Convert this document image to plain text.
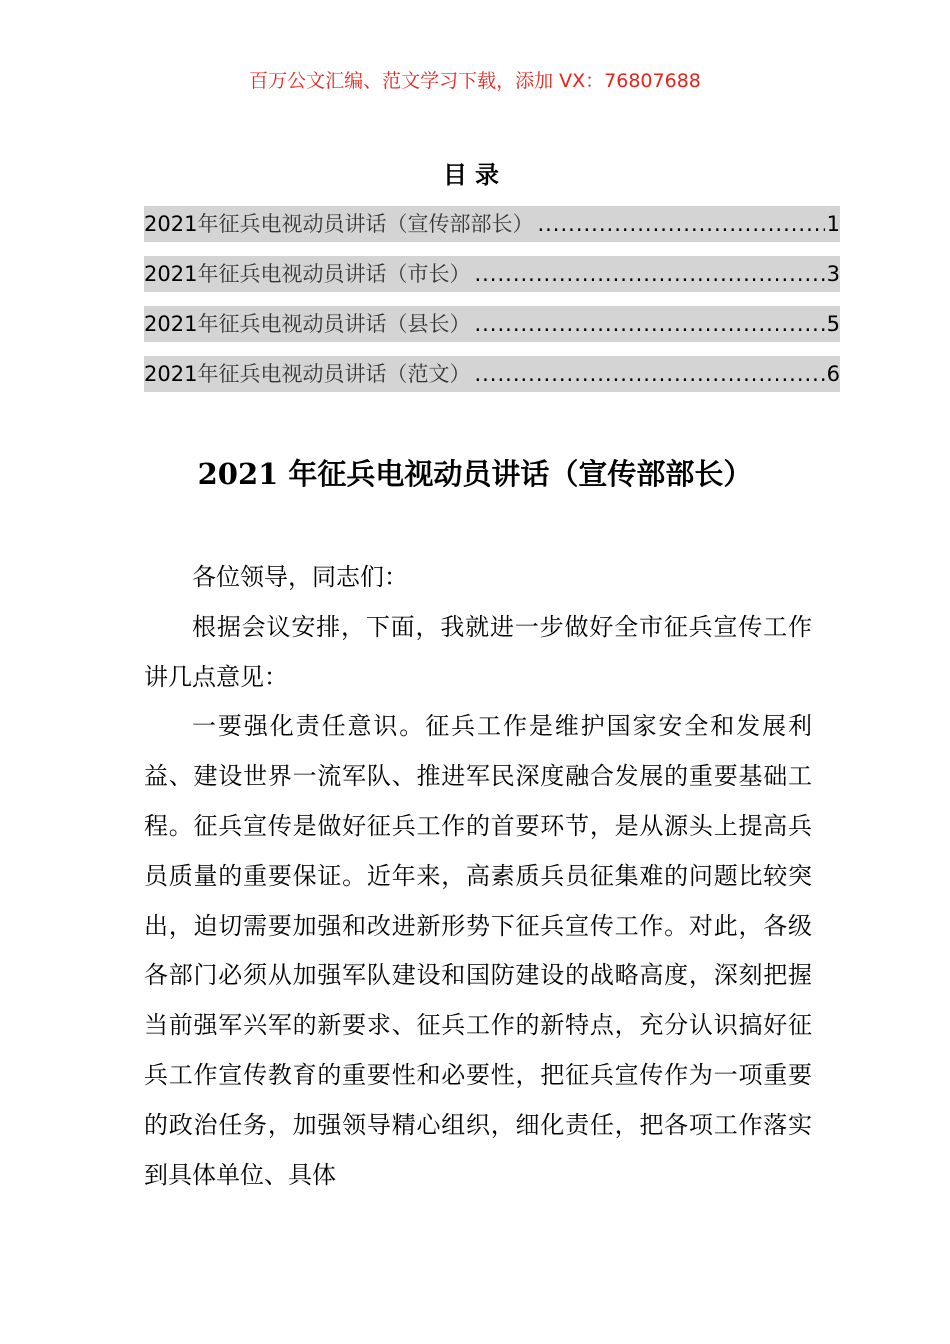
百万公文汇编、范文学习下载，添加 VX：76807688
目录
2021年征兵电视动员讲话（宣传部部长） .....	1
2021年征兵电视动员讲话（市长） .....	3
2021年征兵电视动员讲话（县长） .....	5
2021年征兵电视动员讲话（范文） .....	6
2021 年征兵电视动员讲话（宣传部部长）

各位领导，同志们：

根据会议安排，下面，我就进一步做好全市征兵宣传工作讲几点意见：

一要强化责任意识。征兵工作是维护国家安全和发展利益、建设世界一流军队、推进军民深度融合发展的重要基础工程。征兵宣传是做好征兵工作的首要环节，是从源头上提高兵员质量的重要保证。近年来，高素质兵员征集难的问题比较突出，迫切需要加强和改进新形势下征兵宣传工作。对此，各级各部门必须从加强军队建设和国防建设的战略高度，深刻把握当前强军兴军的新要求、征兵工作的新特点，充分认识搞好征兵工作宣传教育的重要性和必要性，把征兵宣传作为一项重要的政治任务，加强领导精心组织，细化责任，把各项工作落实到具体单位、具体
